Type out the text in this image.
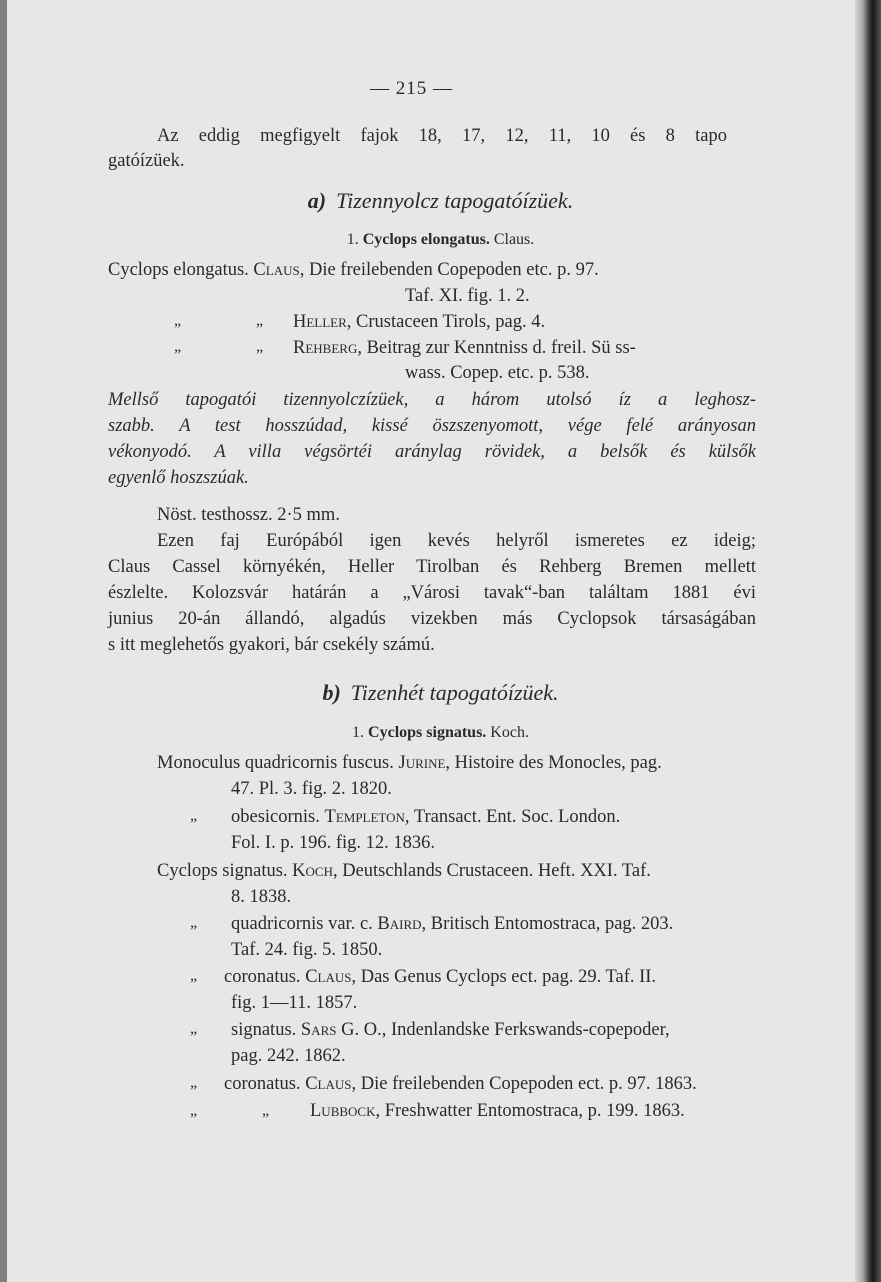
— 215 —
Az eddig megfigyelt fajok 18, 17, 12, 11, 10 és 8 tapo
gatóízüek.
a) Tizennyolcz tapogatóízüek.
1. Cyclops elongatus. Claus.
Cyclops elongatus. Claus, Die freilebenden Copepoden etc. p. 97.
Taf. XI. fig. 1. 2.
„	„ Heller, Crustaceen Tirols, pag. 4.
„	„ Rehberg, Beitrag zur Kenntniss d. freil. Sü ss-
wass. Copep. etc. p. 538.
Mellső tapogatói tizennyolczízüek, a három utolsó íz a leghosz-
szabb. A test hosszúdad, kissé öszszenyomott, vége felé arányosan
vékonyodó. A villa végsörtéi aránylag rövidek, a belsők és külsők
egyenlő hoszszúak.
Nöst. testhossz. 2·5 mm.
Ezen faj Európából igen kevés helyről ismeretes ez ideig;
Claus Cassel környékén, Heller Tirolban és Rehberg Bremen mellett
észlelte. Kolozsvár határán a „Városi tavak“-ban találtam 1881 évi
junius 20-án állandó, algadús vizekben más Cyclopsok társaságában
s itt meglehetős gyakori, bár csekély számú.
b) Tizenhét tapogatóízüek.
1. Cyclops signatus. Koch.
Monoculus quadricornis fuscus. Jurine, Histoire des Monocles, pag.
47. Pl. 3. fig. 2. 1820.
„ obesicornis. Templeton, Transact. Ent. Soc. London.
Fol. I. p. 196. fig. 12. 1836.
Cyclops signatus. Koch, Deutschlands Crustaceen. Heft. XXI. Taf.
8. 1838.
„ quadricornis var. c. Baird, Britisch Entomostraca, pag. 203.
Taf. 24. fig. 5. 1850.
„ coronatus. Claus, Das Genus Cyclops ect. pag. 29. Taf. II.
fig. 1—11. 1857.
„ signatus. Sars G. O., Indenlandske Ferkswands-copepoder,
pag. 242. 1862.
„ coronatus. Claus, Die freilebenden Copepoden ect. p. 97. 1863.
„	„ Lubbock, Freshwatter Entomostraca, p. 199. 1863.
